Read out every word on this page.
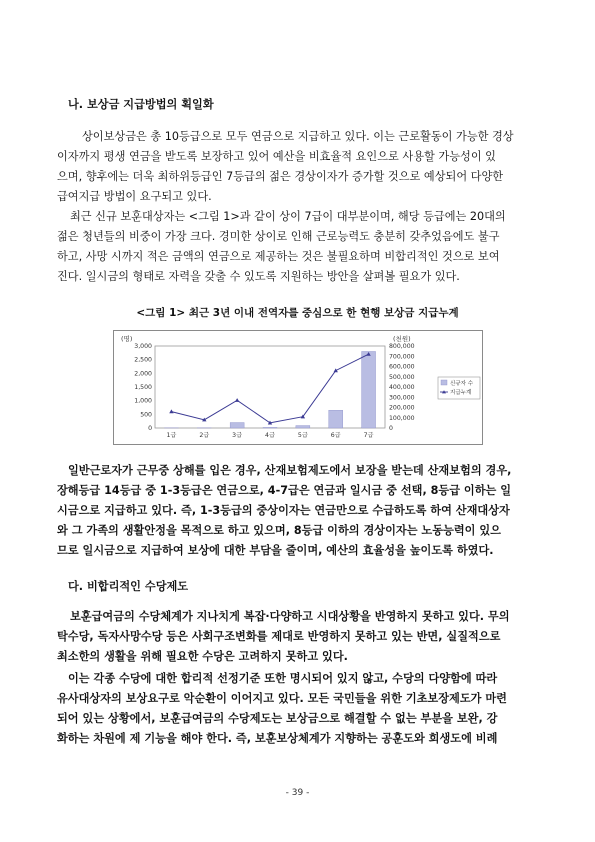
나. 보상금 지급방법의 획일화
상이보상금은 총 10등급으로 모두 연금으로 지급하고 있다. 이는 근로활동이 가능한 경상
이자까지 평생 연금을 받도록 보장하고 있어 예산을 비효율적 요인으로 사용할 가능성이 있
으며, 향후에는 더욱 최하위등급인 7등급의 젊은 경상이자가 증가할 것으로 예상되어 다양한
급여지급 방법이 요구되고 있다.
최근 신규 보훈대상자는 <그림 1>과 같이 상이 7급이 대부분이며, 해당 등급에는 20대의
젊은 청년들의 비중이 가장 크다. 경미한 상이로 인해 근로능력도 충분히 갖추었음에도 불구
하고, 사망 시까지 적은 금액의 연금으로 제공하는 것은 불필요하며 비합리적인 것으로 보여
진다. 일시금의 형태로 자력을 갖출 수 있도록 지원하는 방안을 살펴볼 필요가 있다.
<그림 1> 최근 3년 이내 전역자를 중심으로 한 현행 보상금 지급누계
(명)	(천원)
3,000
2,500
2,000
1,500
1,000
500
0
800,000
700,000
600,000
500,000
400,000
300,000
200,000
100,000
0
1급	2급	3급	4급	5급	6급	7급
신규자 수
지급누계
일반근로자가 근무중 상해를 입은 경우, 산재보험제도에서 보장을 받는데 산재보험의 경우,
장해등급 14등급 중 1-3등급은 연금으로, 4-7급은 연금과 일시금 중 선택, 8등급 이하는 일
시금으로 지급하고 있다. 즉, 1-3등급의 중상이자는 연금만으로 수급하도록 하여 산재대상자
와 그 가족의 생활안정을 목적으로 하고 있으며, 8등급 이하의 경상이자는 노동능력이 있으
므로 일시금으로 지급하여 보상에 대한 부담을 줄이며, 예산의 효율성을 높이도록 하였다.
다. 비합리적인 수당제도
보훈급여금의 수당체계가 지나치게 복잡·다양하고 시대상황을 반영하지 못하고 있다. 무의
탁수당, 독자사망수당 등은 사회구조변화를 제대로 반영하지 못하고 있는 반면, 실질적으로
최소한의 생활을 위해 필요한 수당은 고려하지 못하고 있다.
이는 각종 수당에 대한 합리적 선정기준 또한 명시되어 있지 않고, 수당의 다양함에 따라
유사대상자의 보상요구로 악순환이 이어지고 있다. 모든 국민들을 위한 기초보장제도가 마련
되어 있는 상황에서, 보훈급여금의 수당제도는 보상금으로 해결할 수 없는 부분을 보완, 강
화하는 차원에 제 기능을 해야 한다. 즉, 보훈보상체계가 지향하는 공훈도와 희생도에 비례
- 39 -
